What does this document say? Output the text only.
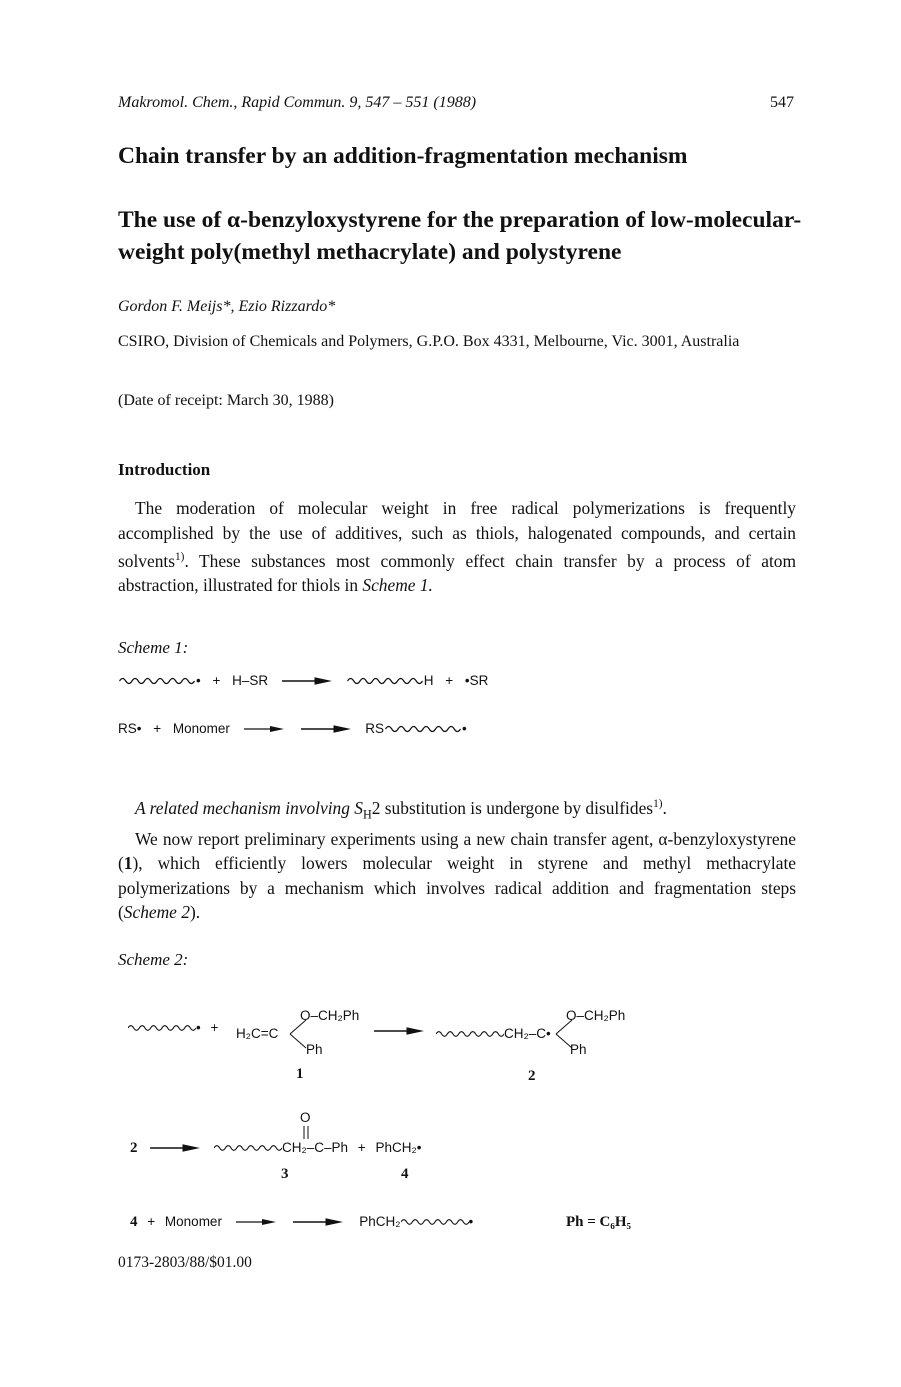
Makromol. Chem., Rapid Commun. 9, 547 – 551 (1988)	547
Chain transfer by an addition-fragmentation mechanism
The use of α-benzyloxystyrene for the preparation of low-molecular-weight poly(methyl methacrylate) and polystyrene
Gordon F. Meijs*, Ezio Rizzardo*
CSIRO, Division of Chemicals and Polymers, G.P.O. Box 4331, Melbourne, Vic. 3001, Australia
(Date of receipt: March 30, 1988)
Introduction
The moderation of molecular weight in free radical polymerizations is frequently accomplished by the use of additives, such as thiols, halogenated compounds, and certain solvents$^{1)}$. These substances most commonly effect chain transfer by a process of atom abstraction, illustrated for thiols in Scheme 1.
Scheme 1:
• + H–SR	H + •SR
RS• + Monomer	RS	•
A related mechanism involving $S_H2$ substitution is undergone by disulfides$^{1)}$.
We now report preliminary experiments using a new chain transfer agent, α-benzyloxystyrene (1), which efficiently lowers molecular weight in styrene and methyl methacrylate polymerizations by a mechanism which involves radical addition and fragmentation steps (Scheme 2).
Scheme 2:
• + H₂C=C
O–CH₂Ph
Ph
1
CH₂–C•
O–CH₂Ph
Ph
2
2
O
CH₂–C–Ph + PhCH₂•
3	4
4 + Monomer	PhCH₂	•	Ph = C₆H₅
0173-2803/88/$01.00
